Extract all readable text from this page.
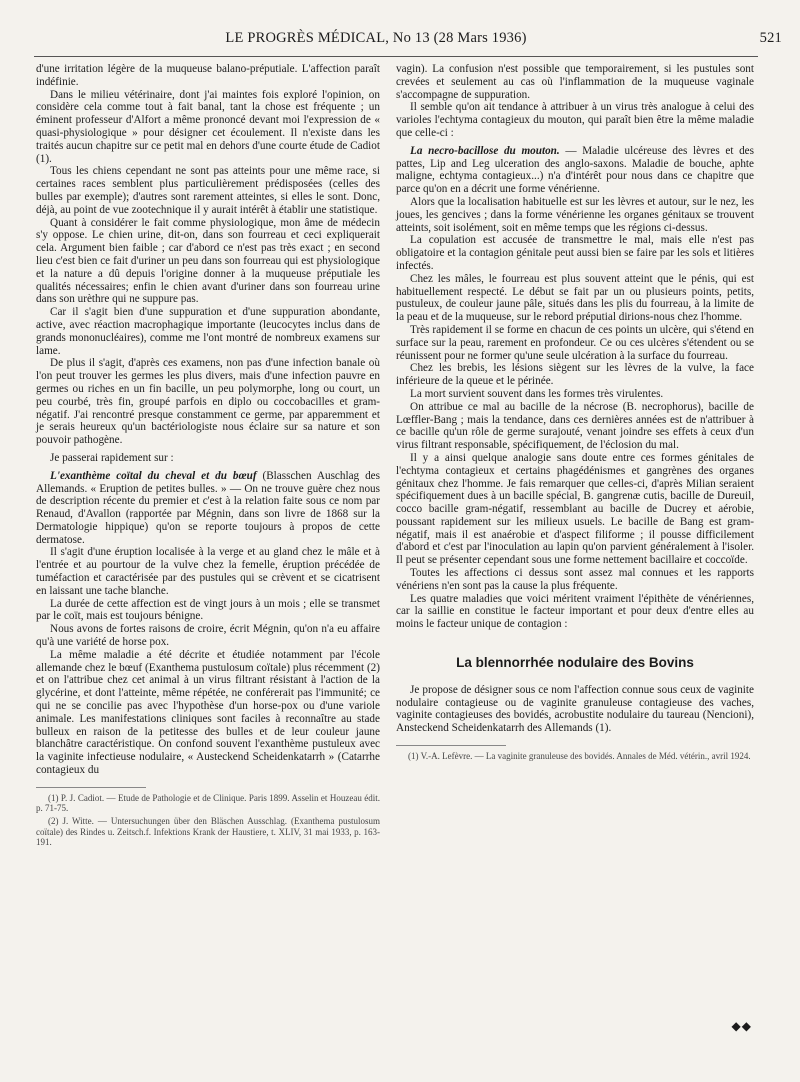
LE PROGRÈS MÉDICAL, No 13 (28 Mars 1936)	521

d'une irritation légère de la muqueuse balano-préputiale. L'affection paraît indéfinie.

Dans le milieu vétérinaire, dont j'ai maintes fois exploré l'opinion, on considère cela comme tout à fait banal, tant la chose est fréquente ; un éminent professeur d'Alfort a même prononcé devant moi l'expression de « quasi-physiologique » pour désigner cet écoulement. Il n'existe dans les traités aucun chapitre sur ce petit mal en dehors d'une courte étude de Cadiot (1).

Tous les chiens cependant ne sont pas atteints pour une même race, si certaines races semblent plus particulièrement prédisposées (celles des bulles par exemple); d'autres sont rarement atteintes, si elles le sont. Donc, déjà, au point de vue zootechnique il y aurait intérêt à établir une statistique.

Quant à considérer le fait comme physiologique, mon âme de médecin s'y oppose. Le chien urine, dit-on, dans son fourreau et ceci expliquerait cela. Argument bien faible ; car d'abord ce n'est pas très exact ; en second lieu c'est bien ce fait d'uriner un peu dans son fourreau qui est physiologique et la nature a dû depuis l'origine donner à la muqueuse préputiale les qualités nécessaires; enfin le chien avant d'uriner dans son fourreau urine dans son urèthre qui ne suppure pas.

Car il s'agit bien d'une suppuration et d'une suppuration abondante, active, avec réaction macrophagique importante (leucocytes inclus dans de grands mononucléaires), comme me l'ont montré de nombreux examens sur lame.

De plus il s'agit, d'après ces examens, non pas d'une infection banale où l'on peut trouver les germes les plus divers, mais d'une infection pauvre en germes ou riches en un fin bacille, un peu polymorphe, long ou court, un peu courbé, très fin, groupé parfois en diplo ou coccobacilles et gram-négatif. J'ai rencontré presque constamment ce germe, par apparemment et je serais heureux qu'un bactériologiste nous éclaire sur sa nature et son pouvoir pathogène.

Je passerai rapidement sur :

L'exanthème coïtal du cheval et du bœuf (Blasschen Auschlag des Allemands. « Eruption de petites bulles. » — On ne trouve guère chez nous de description récente du premier et c'est à la relation faite sous ce nom par Renaud, d'Avallon (rapportée par Mégnin, dans son livre de 1868 sur la Dermatologie hippique) qu'on se reporte toujours à propos de cette dermatose.

Il s'agit d'une éruption localisée à la verge et au gland chez le mâle et à l'entrée et au pourtour de la vulve chez la femelle, éruption précédée de tuméfaction et caractérisée par des pustules qui se crèvent et se cicatrisent en laissant une tache blanche.

La durée de cette affection est de vingt jours à un mois ; elle se transmet par le coït, mais est toujours bénigne.

Nous avons de fortes raisons de croire, écrit Mégnin, qu'on n'a eu affaire qu'à une variété de horse pox.

La même maladie a été décrite et étudiée notamment par l'école allemande chez le bœuf (Exanthema pustulosum coïtale) plus récemment (2) et on l'attribue chez cet animal à un virus filtrant résistant à l'action de la glycérine, et dont l'atteinte, même répétée, ne conférerait pas l'immunité; ce qui ne se concilie pas avec l'hypothèse d'un horse-pox ou d'une variole animale. Les manifestations cliniques sont faciles à reconnaître au stade bulleux en raison de la petitesse des bulles et de leur couleur jaune blanchâtre caractéristique. On confond souvent l'exanthème pustuleux avec la vaginite infectieuse nodulaire, « Austeckend Scheidenkatarrh » (Catarrhe contagieux du

(1) P. J. Cadiot. — Etude de Pathologie et de Clinique. Paris 1899. Asselin et Houzeau édit. p. 71-75.

(2) J. Witte. — Untersuchungen über den Bläschen Ausschlag. (Exanthema pustulosum coïtale) des Rindes u. Zeitsch.f. Infektions Krank der Haustiere, t. XLIV, 31 mai 1933, p. 163-191.

vagin). La confusion n'est possible que temporairement, si les pustules sont crevées et seulement au cas où l'inflammation de la muqueuse vaginale s'accompagne de suppuration.

Il semble qu'on ait tendance à attribuer à un virus très analogue à celui des varioles l'echtyma contagieux du mouton, qui paraît bien être la même maladie que celle-ci :

La necro-bacillose du mouton. — Maladie ulcéreuse des lèvres et des pattes, Lip and Leg ulceration des anglo-saxons. Maladie de bouche, aphte maligne, echtyma contagieux...) n'a d'intérêt pour nous dans ce chapitre que parce qu'on en a décrit une forme vénérienne.

Alors que la localisation habituelle est sur les lèvres et autour, sur le nez, les joues, les gencives ; dans la forme vénérienne les organes génitaux se trouvent atteints, soit isolément, soit en même temps que les régions ci-dessus.

La copulation est accusée de transmettre le mal, mais elle n'est pas obligatoire et la contagion génitale peut aussi bien se faire par les sols et litières infectés.

Chez les mâles, le fourreau est plus souvent atteint que le pénis, qui est habituellement respecté. Le début se fait par un ou plusieurs points, petits, pustuleux, de couleur jaune pâle, situés dans les plis du fourreau, à la limite de la peau et de la muqueuse, sur le rebord préputial dirions-nous chez l'homme.

Très rapidement il se forme en chacun de ces points un ulcère, qui s'étend en surface sur la peau, rarement en profondeur. Ce ou ces ulcères s'étendent ou se réunissent pour ne former qu'une seule ulcération à la surface du fourreau.

Chez les brebis, les lésions siègent sur les lèvres de la vulve, la face inférieure de la queue et le périnée.

La mort survient souvent dans les formes très virulentes.

On attribue ce mal au bacille de la nécrose (B. necrophorus), bacille de Lœffler-Bang ; mais la tendance, dans ces dernières années est de n'attribuer à ce bacille qu'un rôle de germe surajouté, venant joindre ses effets à ceux d'un virus filtrant responsable, spécifiquement, de l'éclosion du mal.

Il y a ainsi quelque analogie sans doute entre ces formes génitales de l'echtyma contagieux et certains phagédénismes et gangrènes des organes génitaux chez l'homme. Je fais remarquer que celles-ci, d'après Milian seraient spécifiquement dues à un bacille spécial, B. gangrenæ cutis, bacille de Dureuil, cocco bacille gram-négatif, ressemblant au bacille de Ducrey et aérobie, poussant rapidement sur les milieux usuels. Le bacille de Bang est gram-négatif, mais il est anaérobie et d'aspect filiforme ; il pousse difficilement d'abord et c'est par l'inoculation au lapin qu'on parvient généralement à l'isoler. Il peut se présenter cependant sous une forme nettement bacillaire et coccoïde.

Toutes les affections ci dessus sont assez mal connues et les rapports vénériens n'en sont pas la cause la plus fréquente.

Les quatre maladies que voici méritent vraiment l'épithète de vénériennes, car la saillie en constitue le facteur important et pour deux d'entre elles au moins le facteur unique de contagion :

La blennorrhée nodulaire des Bovins

Je propose de désigner sous ce nom l'affection connue sous ceux de vaginite nodulaire contagieuse ou de vaginite granuleuse contagieuse des vaches, vaginite contagieuses des bovidés, acrobustite nodulaire du taureau (Nencioni), Ansteckend Scheidenkatarrh des Allemands (1).

(1) V.-A. Lefèvre. — La vaginite granuleuse des bovidés. Annales de Méd. vétérin., avril 1924.

◆◆
